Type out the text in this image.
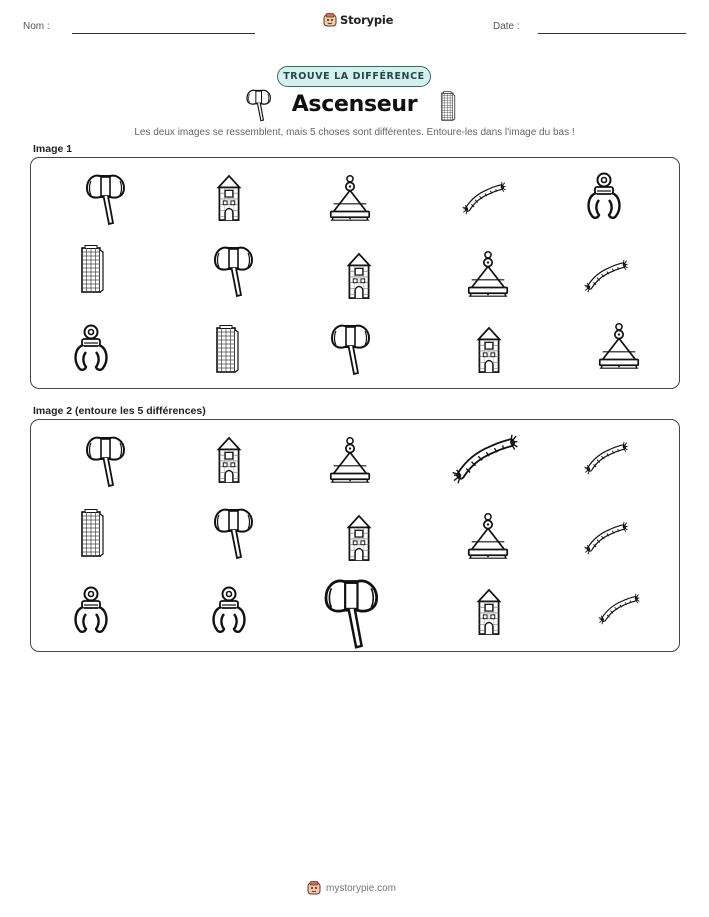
Nom :	Storypie	Date :
TROUVE LA DIFFÉRENCE
Ascenseur
Les deux images se ressemblent, mais 5 choses sont différentes. Entoure-les dans l'image du bas !
Image 1
Image 2 (entoure les 5 différences)
mystorypie.com
